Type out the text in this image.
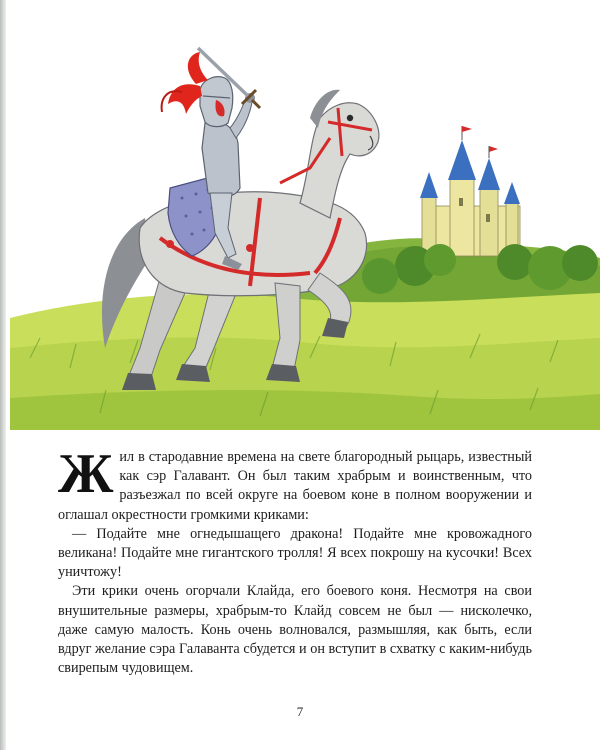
Жил в стародавние времена на свете благородный рыцарь, известный как сэр Галавант. Он был таким храбрым и воинственным, что разъезжал по всей округе на боевом коне в полном вооружении и оглашал окрестности громкими криками:

— Подайте мне огнедышащего дракона! Подайте мне кровожадного великана! Подайте мне гигантского тролля! Я всех покрошу на кусочки! Всех уничтожу!

Эти крики очень огорчали Клайда, его боевого коня. Несмотря на свои внушительные размеры, храбрым-то Клайд совсем не был — нисколечко, даже самую малость. Конь очень волновался, размышляя, как быть, если вдруг желание сэра Галаванта сбудется и он вступит в схватку с каким-нибудь свирепым чудовищем.

7
